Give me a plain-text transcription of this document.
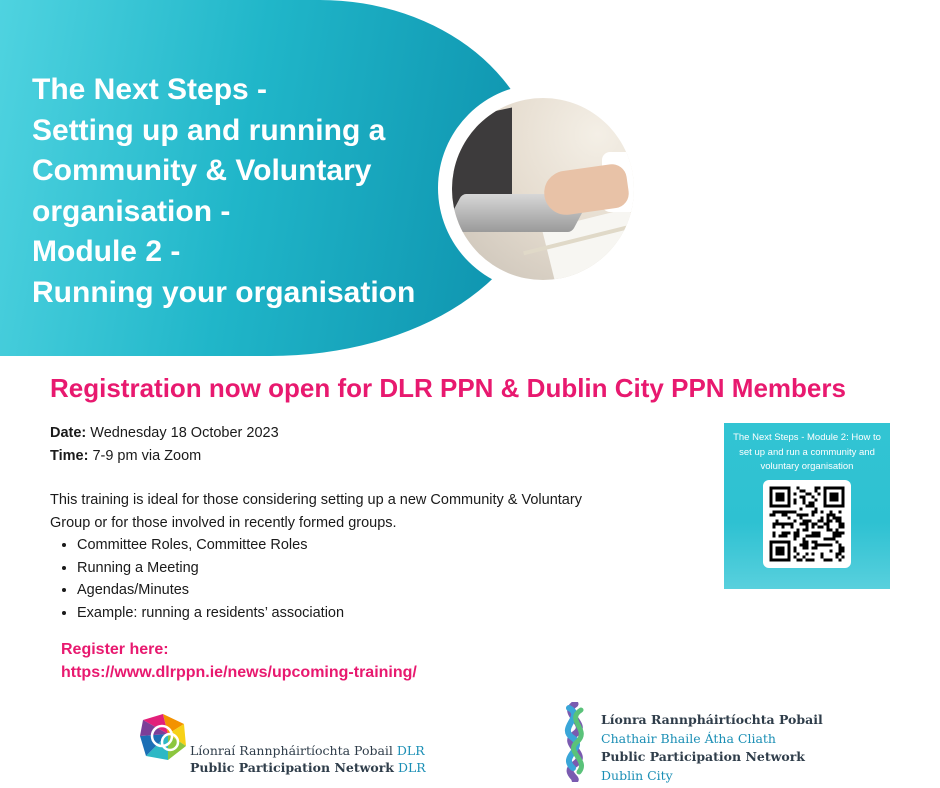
The Next Steps -
Setting up and running a
Community & Voluntary
organisation -
Module 2 -
Running your organisation
Registration now open for DLR PPN & Dublin City PPN Members
Date: Wednesday 18 October 2023
Time: 7-9 pm via Zoom
This training is ideal for those considering setting up a new Community & Voluntary
Group or for those involved in recently formed groups.
• Committee Roles, Committee Roles
• Running a Meeting
• Agendas/Minutes
• Example: running a residents’ association
Register here:
https://www.dlrppn.ie/news/upcoming-training/
The Next Steps - Module 2: How to
set up and run a community and
voluntary organisation
Líonraí Rannpháirtíochta Pobail DLR
Public Participation Network DLR
Líonra Rannpháirtíochta Pobail
Chathair Bhaile Átha Cliath
Public Participation Network
Dublin City
